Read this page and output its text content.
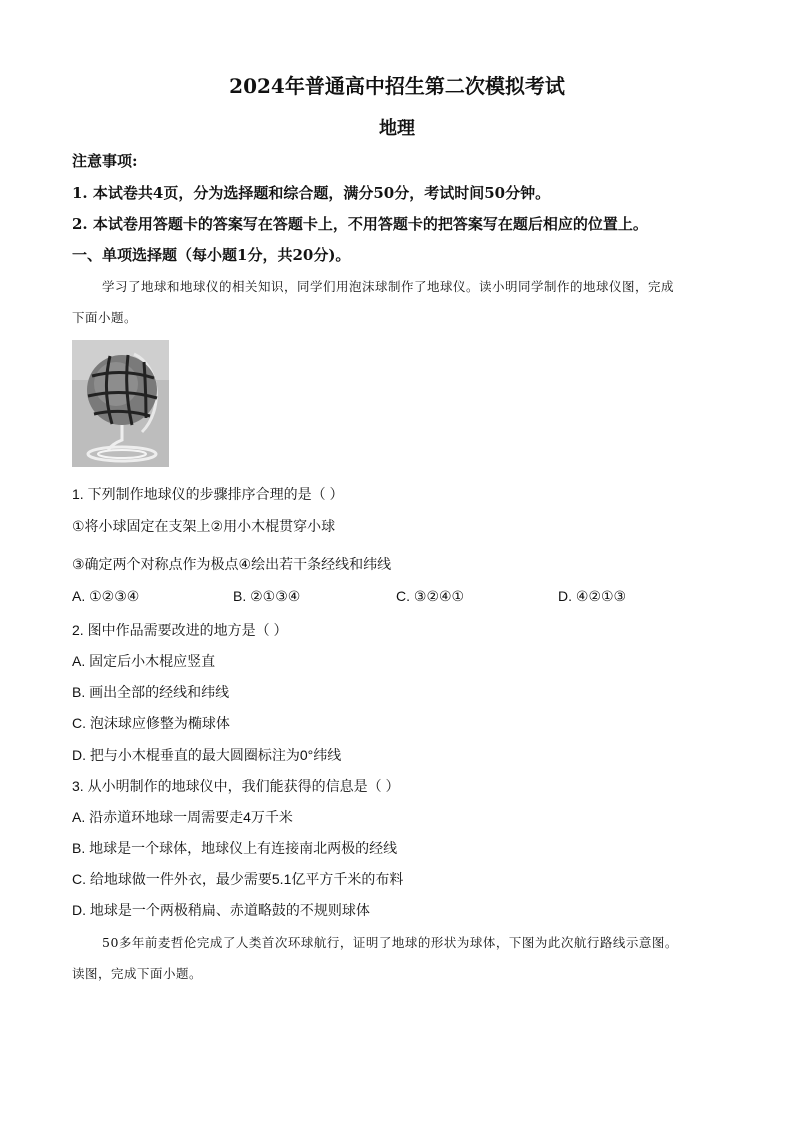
2024年普通高中招生第二次模拟考试
地理
注意事项:
1. 本试卷共4页，分为选择题和综合题，满分50分，考试时间50分钟。
2. 本试卷用答题卡的答案写在答题卡上，不用答题卡的把答案写在题后相应的位置上。
一、单项选择题（每小题1分，共20分)。
学习了地球和地球仪的相关知识，同学们用泡沫球制作了地球仪。读小明同学制作的地球仪图，完成
下面小题。
1. 下列制作地球仪的步骤排序合理的是（ ）
①将小球固定在支架上②用小木棍贯穿小球
③确定两个对称点作为极点④绘出若干条经线和纬线
A. ①②③④	B. ②①③④	C. ③②④①	D. ④②①③
2. 图中作品需要改进的地方是（ ）
A. 固定后小木棍应竖直
B. 画出全部的经线和纬线
C. 泡沫球应修整为椭球体
D. 把与小木棍垂直的最大圆圈标注为0°纬线
3. 从小明制作的地球仪中，我们能获得的信息是（ ）
A. 沿赤道环地球一周需要走4万千米
B. 地球是一个球体，地球仪上有连接南北两极的经线
C. 给地球做一件外衣，最少需要5.1亿平方千米的布料
D. 地球是一个两极稍扁、赤道略鼓的不规则球体
50多年前麦哲伦完成了人类首次环球航行，证明了地球的形状为球体，下图为此次航行路线示意图。
读图，完成下面小题。
